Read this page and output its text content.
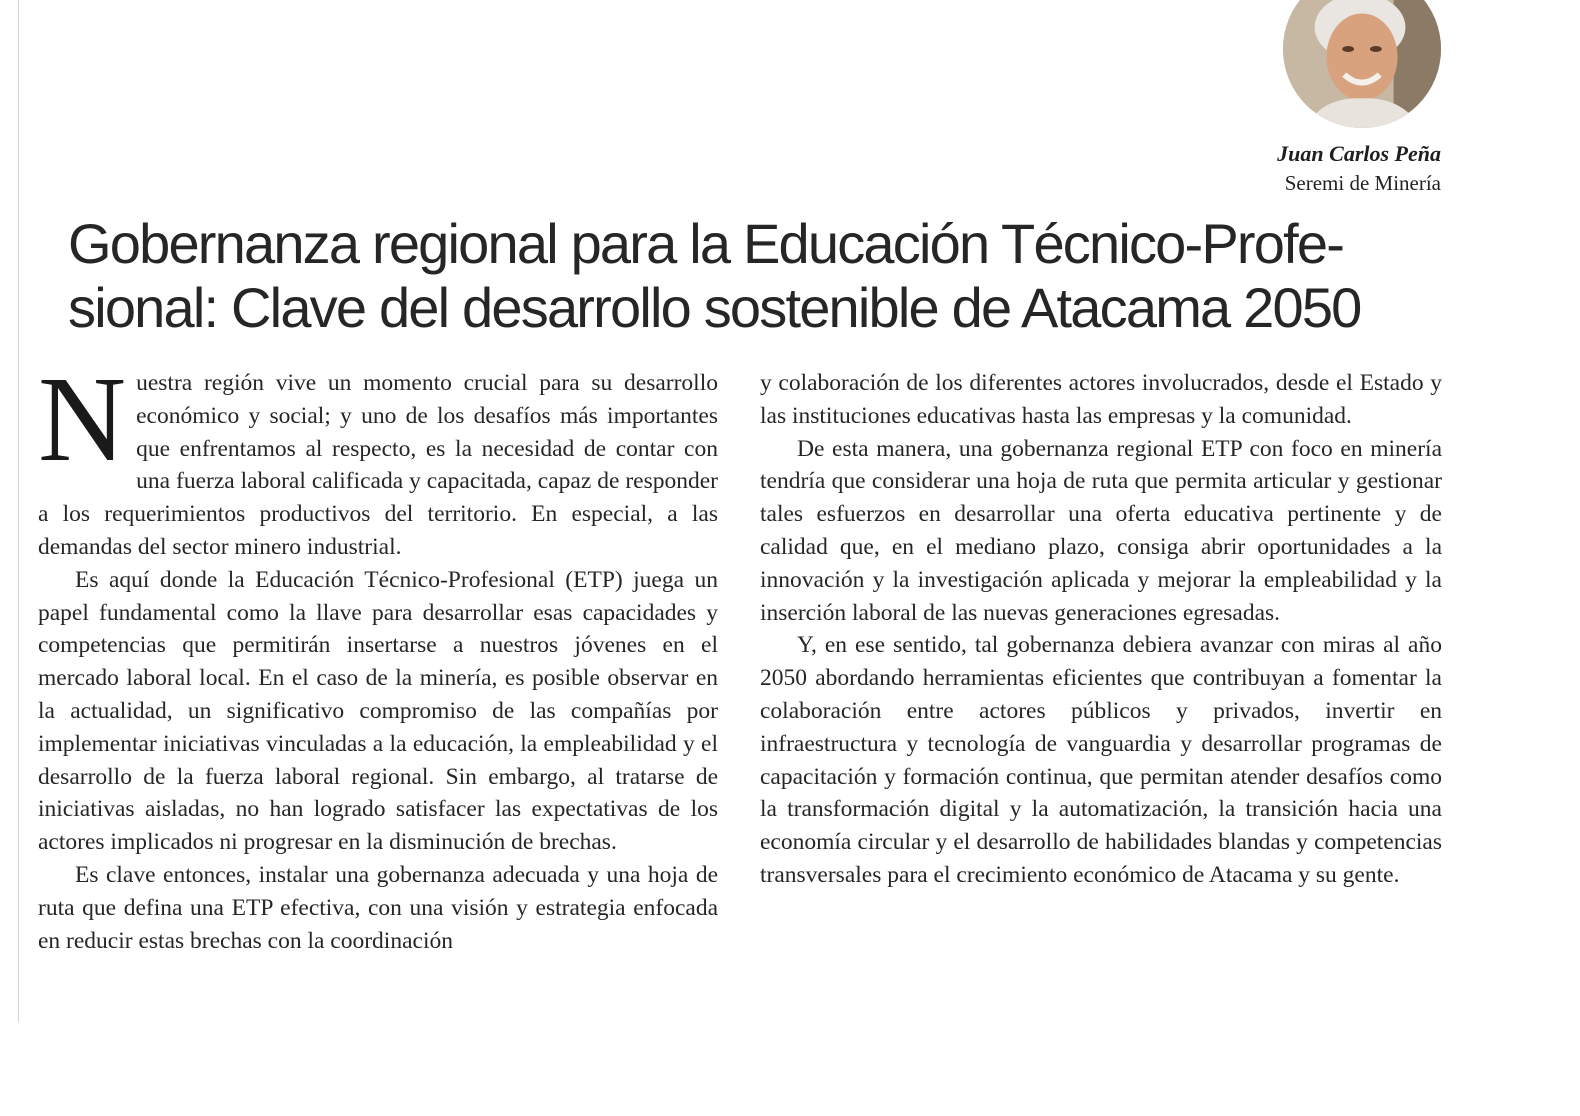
Juan Carlos Peña

Seremi de Minería

Gobernanza regional para la Educación Técnico-Profe-
sional: Clave del desarrollo sostenible de Atacama 2050

Nuestra región vive un momento crucial para su desarrollo económico y social; y uno de los desafíos más importantes que enfrentamos al respecto, es la necesidad de contar con una fuerza laboral calificada y capacitada, capaz de responder a los requerimientos productivos del territorio. En especial, a las demandas del sector minero industrial.

Es aquí donde la Educación Técnico-Profesional (ETP) juega un papel fundamental como la llave para desarrollar esas capacidades y competencias que permitirán insertarse a nuestros jóvenes en el mercado laboral local. En el caso de la minería, es posible observar en la actualidad, un significativo compromiso de las compañías por implementar iniciativas vinculadas a la educación, la empleabilidad y el desarrollo de la fuerza laboral regional. Sin embargo, al tratarse de iniciativas aisladas, no han logrado satisfacer las expectativas de los actores implicados ni progresar en la disminución de brechas.

Es clave entonces, instalar una gobernanza adecuada y una hoja de ruta que defina una ETP efectiva, con una visión y estrategia enfocada en reducir estas brechas con la coordinación

y colaboración de los diferentes actores involucrados, desde el Estado y las instituciones educativas hasta las empresas y la comunidad.

De esta manera, una gobernanza regional ETP con foco en minería tendría que considerar una hoja de ruta que permita articular y gestionar tales esfuerzos en desarrollar una oferta educativa pertinente y de calidad que, en el mediano plazo, consiga abrir oportunidades a la innovación y la investigación aplicada y mejorar la empleabilidad y la inserción laboral de las nuevas generaciones egresadas.

Y, en ese sentido, tal gobernanza debiera avanzar con miras al año 2050 abordando herramientas eficientes que contribuyan a fomentar la colaboración entre actores públicos y privados, invertir en infraestructura y tecnología de vanguardia y desarrollar programas de capacitación y formación continua, que permitan atender desafíos como la transformación digital y la automatización, la transición hacia una economía circular y el desarrollo de habilidades blandas y competencias transversales para el crecimiento económico de Atacama y su gente.
